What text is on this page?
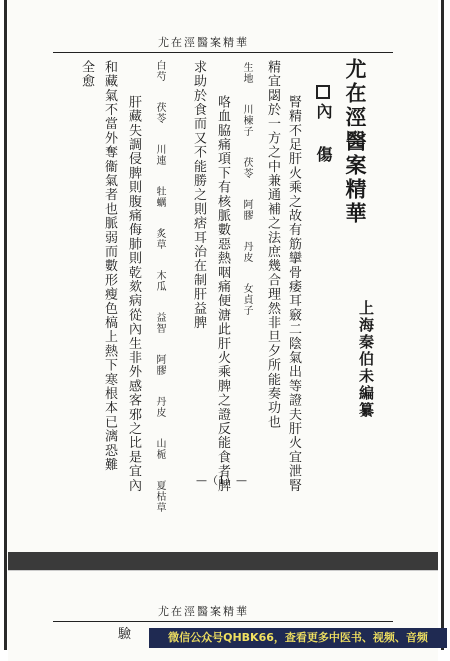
尤在涇醫案精華
尤在涇醫案精華
上海秦伯未編纂
內 傷
腎精不足肝火乘之故有筋攣骨痿耳竅二陰氣出等證夫肝火宜泄腎
精宜閟於一方之中兼通補之法庶幾合理然非旦夕所能奏功也
生地 川楝子 茯苓 阿膠 丹皮 女貞子
咯血脇痛項下有核脈數惡熱咽痛便溏此肝火乘脾之證反能食者脾
求助於食而又不能勝之則痞耳治在制肝益脾
白芍 茯苓 川連 牡蠣 炙草 木瓜 益智 阿膠 丹皮 山栀 夏枯草
肝藏失調侵脾則腹痛侮肺則乾欬病從內生非外感客邪之比是宜內
和藏氣不當外奪衞氣者也脈弱而數形瘦色槁上熱下寒根本已漓恐難
全愈
—（1）—
尤在涇醫案精華
驗	微信公众号QHBK66，查看更多中医书、视频、音频
